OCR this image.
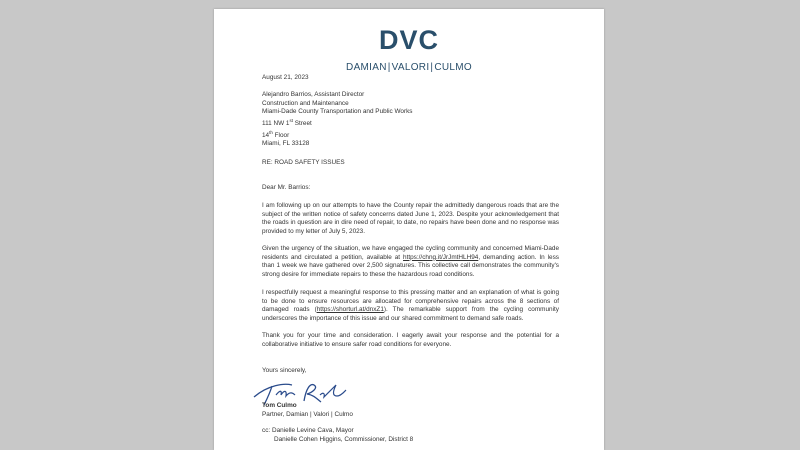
DVC
DAMIAN|VALORI|CULMO

August 21, 2023

Alejandro Barrios, Assistant Director
Construction and Maintenance
Miami-Dade County Transportation and Public Works
111 NW 1st Street
14th Floor
Miami, FL 33128

RE: ROAD SAFETY ISSUES

Dear Mr. Barrios:

I am following up on our attempts to have the County repair the admittedly dangerous roads that are the subject of the written notice of safety concerns dated June 1, 2023. Despite your acknowledgement that the roads in question are in dire need of repair, to date, no repairs have been done and no response was provided to my letter of July 5, 2023.

Given the urgency of the situation, we have engaged the cycling community and concerned Miami-Dade residents and circulated a petition, available at https://chng.it/JrJmtHLH94, demanding action. In less than 1 week we have gathered over 2,500 signatures. This collective call demonstrates the community's strong desire for immediate repairs to these the hazardous road conditions.

I respectfully request a meaningful response to this pressing matter and an explanation of what is going to be done to ensure resources are allocated for comprehensive repairs across the 8 sections of damaged roads (https://shorturl.at/dnxZ1). The remarkable support from the cycling community underscores the importance of this issue and our shared commitment to demand safe roads.

Thank you for your time and consideration. I eagerly await your response and the potential for a collaborative initiative to ensure safer road conditions for everyone.

Yours sincerely,

Tom Culmo

Partner, Damian | Valori | Culmo

cc: Danielle Levine Cava, Mayor
Danielle Cohen Higgins, Commissioner, District 8
